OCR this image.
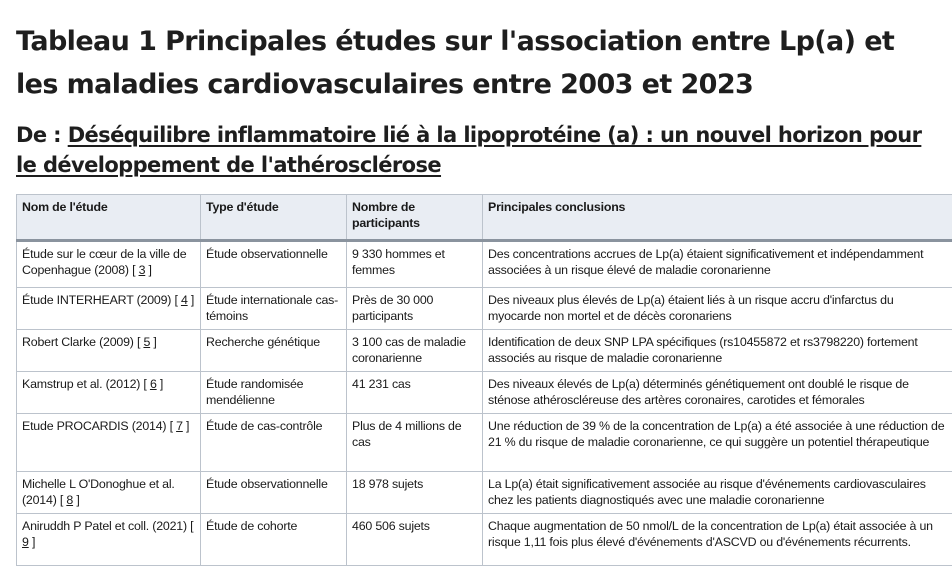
Tableau 1 Principales études sur l'association entre Lp(a) et les maladies cardiovasculaires entre 2003 et 2023
De : Déséquilibre inflammatoire lié à la lipoprotéine (a) : un nouvel horizon pour le développement de l'athérosclérose
Nom de l'étude	Type d'étude	Nombre de participants	Principales conclusions
Étude sur le cœur de la ville de Copenhague (2008) [ 3 ]	Étude observationnelle	9 330 hommes et femmes	Des concentrations accrues de Lp(a) étaient significativement et indépendamment associées à un risque élevé de maladie coronarienne
Étude INTERHEART (2009) [ 4 ]	Étude internationale cas-témoins	Près de 30 000 participants	Des niveaux plus élevés de Lp(a) étaient liés à un risque accru d'infarctus du myocarde non mortel et de décès coronariens
Robert Clarke (2009) [ 5 ]	Recherche génétique	3 100 cas de maladie coronarienne	Identification de deux SNP LPA spécifiques (rs10455872 et rs3798220) fortement associés au risque de maladie coronarienne
Kamstrup et al. (2012) [ 6 ]	Étude randomisée mendélienne	41 231 cas	Des niveaux élevés de Lp(a) déterminés génétiquement ont doublé le risque de sténose athéroscléreuse des artères coronaires, carotides et fémorales
Etude PROCARDIS (2014) [ 7 ]	Étude de cas-contrôle	Plus de 4 millions de cas	Une réduction de 39 % de la concentration de Lp(a) a été associée à une réduction de 21 % du risque de maladie coronarienne, ce qui suggère un potentiel thérapeutique
Michelle L O'Donoghue et al. (2014) [ 8 ]	Étude observationnelle	18 978 sujets	La Lp(a) était significativement associée au risque d'événements cardiovasculaires chez les patients diagnostiqués avec une maladie coronarienne
Aniruddh P Patel et coll. (2021) [ 9 ]	Étude de cohorte	460 506 sujets	Chaque augmentation de 50 nmol/L de la concentration de Lp(a) était associée à un risque 1,11 fois plus élevé d'événements d'ASCVD ou d'événements récurrents.
